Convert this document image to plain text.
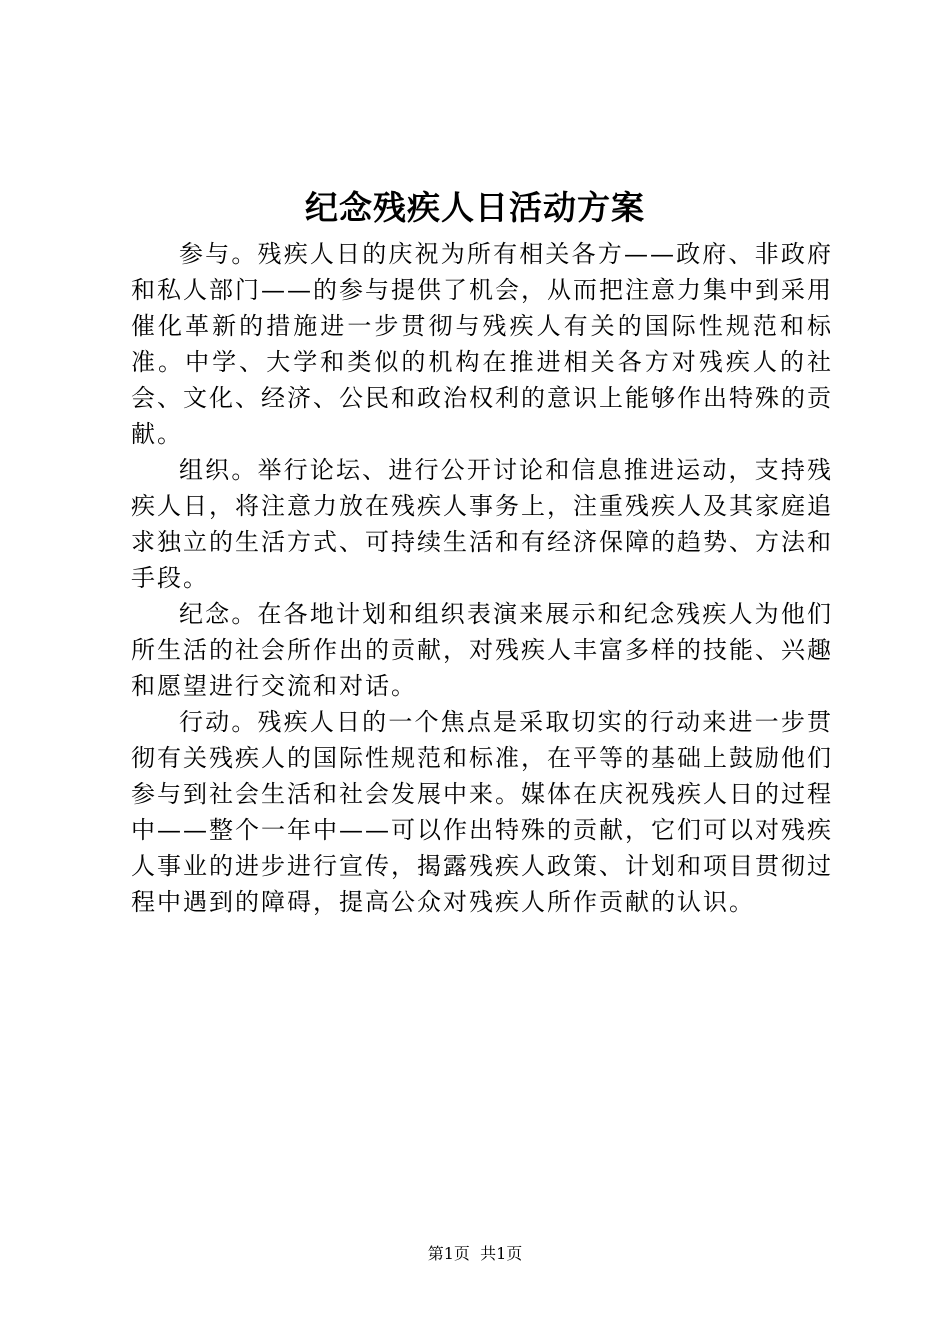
纪念残疾人日活动方案

参与。残疾人日的庆祝为所有相关各方——政府、非政府和私人部门——的参与提供了机会，从而把注意力集中到采用催化革新的措施进一步贯彻与残疾人有关的国际性规范和标准。中学、大学和类似的机构在推进相关各方对残疾人的社会、文化、经济、公民和政治权利的意识上能够作出特殊的贡献。

组织。举行论坛、进行公开讨论和信息推进运动，支持残疾人日，将注意力放在残疾人事务上，注重残疾人及其家庭追求独立的生活方式、可持续生活和有经济保障的趋势、方法和手段。

纪念。在各地计划和组织表演来展示和纪念残疾人为他们所生活的社会所作出的贡献，对残疾人丰富多样的技能、兴趣和愿望进行交流和对话。

行动。残疾人日的一个焦点是采取切实的行动来进一步贯彻有关残疾人的国际性规范和标准，在平等的基础上鼓励他们参与到社会生活和社会发展中来。媒体在庆祝残疾人日的过程中——整个一年中——可以作出特殊的贡献，它们可以对残疾人事业的进步进行宣传，揭露残疾人政策、计划和项目贯彻过程中遇到的障碍，提高公众对残疾人所作贡献的认识。

第1页 共1页
